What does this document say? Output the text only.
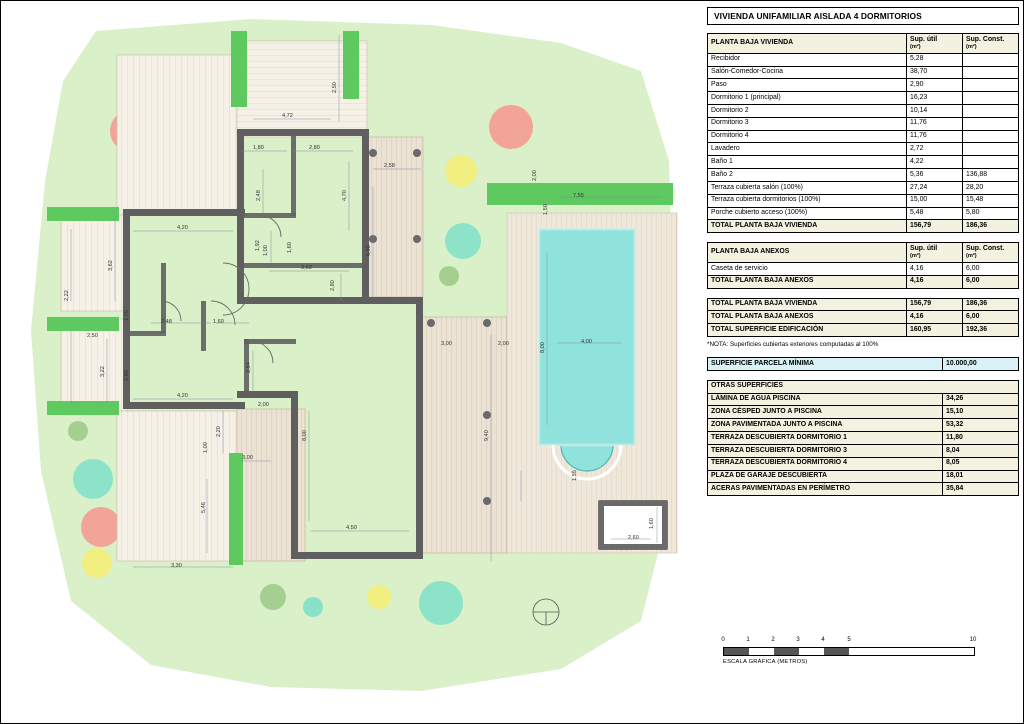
4,72
2,50
1,80	2,80
2,58
4,70
6,00
2,48
1,00
4,20
1,92	1,60
3,62
3,62
2,22
2,50
2,80
1,70
2,48	1,60
3,22	2,80
4,20
2,64
3,00	2,00	4,00
8,00
9,40
8,00
2,00
2,20
3,00
1,00
5,46
4,50
1,55
3,30
7,55
2,00
1,50
2,60
1,60
VIVIENDA UNIFAMILIAR AISLADA 4 DORMITORIOS
PLANTA BAJA VIVIENDA	Sup. útil
(m²)	Sup. Const.
(m²)

Recibidor	5,28	
Salón-Comedor-Cocina	38,70	
Paso	2,90	
Dormitorio 1 (principal)	16,23	
Dormitorio 2	10,14	
Dormitorio 3	11,76	
Dormitorio 4	11,76	
Lavadero	2,72	
Baño 1	4,22	
Baño 2	5,36	136,88
Terraza cubierta salón (100%)	27,24	28,20
Terraza cubierta dormitorios (100%)	15,00	15,48
Porche cubierto acceso (100%)	5,48	5,80
TOTAL PLANTA BAJA VIVIENDA	156,79	186,36
PLANTA BAJA ANEXOS	Sup. útil
(m²)	Sup. Const.
(m²)

Caseta de servicio	4,16	6,00
TOTAL PLANTA BAJA ANEXOS	4,16	6,00
TOTAL PLANTA BAJA VIVIENDA	156,79	186,36
TOTAL PLANTA BAJA ANEXOS	4,16	6,00
TOTAL SUPERFICIE EDIFICACIÓN	160,95	192,36
*NOTA: Superficies cubiertas exteriores computadas al 100%
SUPERFICIE PARCELA MÍNIMA	10.000,00
OTRAS SUPERFICIES	
LÁMINA DE AGUA PISCINA	34,26
ZONA CÉSPED JUNTO A PISCINA	15,10
ZONA PAVIMENTADA JUNTO A PISCINA	53,32
TERRAZA DESCUBIERTA DORMITORIO 1	11,80
TERRAZA DESCUBIERTA DORMITORIO 3	8,04
TERRAZA DESCUBIERTA DORMITORIO 4	8,05
PLAZA DE GARAJE DESCUBIERTA	18,01
ACERAS PAVIMENTADAS EN PERÍMETRO	35,84
0	1	2	3	4	5	10
ESCALA GRÁFICA (METROS)
